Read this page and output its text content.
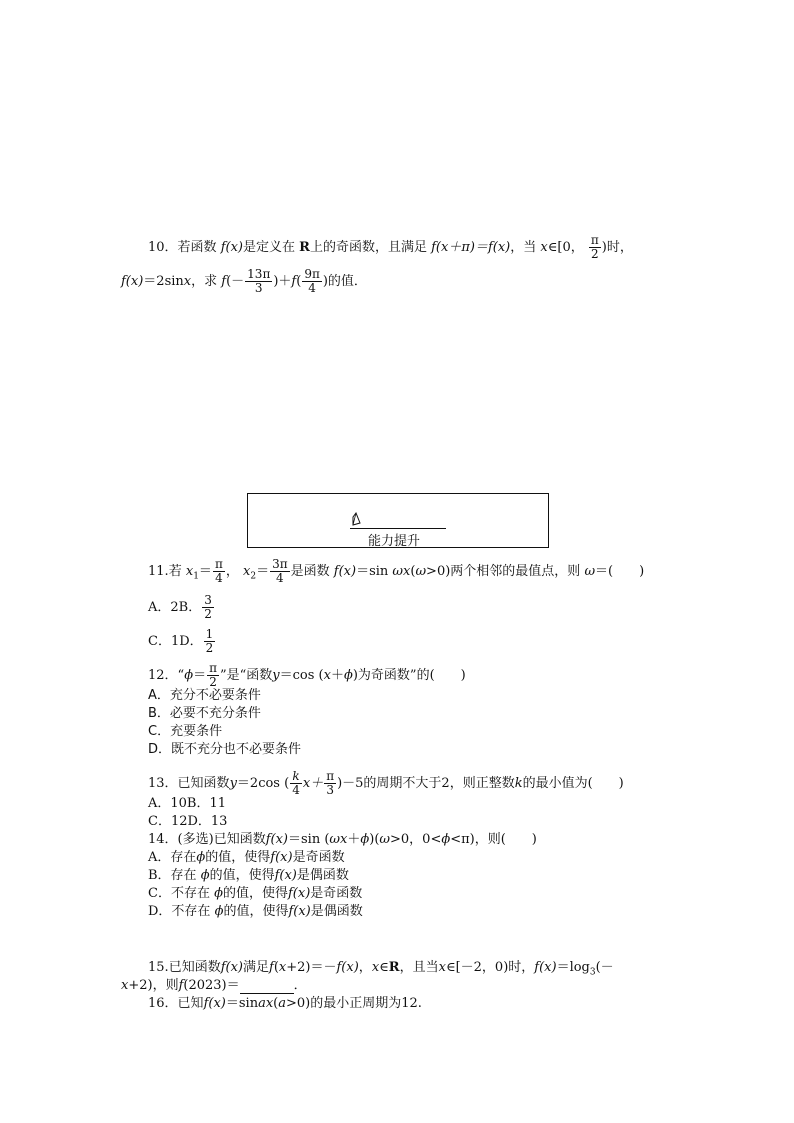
10．若函数 f(x)是定义在 R上的奇函数，且满足 f(x＋π)＝f(x)，当 x∈[0， $\frac{\pi}{2}$ )时，
f(x)＝2sinx，求 $f(- \frac{13\pi}{3} )+f( \frac{9\pi}{4}$ )的值．
能力提升
11.若 $x_1= \frac{\pi}{4}$ ， $x_2= \frac{3\pi}{4}$ 是函数 f(x)＝sin ωx(ω>0)两个相邻的最值点，则 ω＝(　　)
A．2B． $\frac{3}{2}$
C．1D． $\frac{1}{2}$
12．“$\phi= \frac{\pi}{2}$ ”是“函数y＝cos (x＋ϕ)为奇函数”的(　　)
A．充分不必要条件
B．必要不充分条件
C．充要条件
D．既不充分也不必要条件
13．已知函数y＝2cos ( $\frac{k}{4} x+ \frac{\pi}{3} )-5$的周期不大于2，则正整数k的最小值为(　　)
A．10B．11
C．12D．13
14．(多选)已知函数f(x)＝sin (ωx＋ϕ)(ω>0，0<ϕ<π)，则(　　)
A．存在ϕ的值，使得f(x)是奇函数
B．存在 ϕ的值，使得f(x)是偶函数
C．不存在 ϕ的值，使得f(x)是奇函数
D．不存在 ϕ的值，使得f(x)是偶函数
15.已知函数f(x)满足f(x+2)＝－f(x)，x∈R，且当x∈[－2，0)时，$f(x)=\log_3(-$
x+2)，则f(2023)＝	．
16．已知f(x)＝sinax(a>0)的最小正周期为12.
